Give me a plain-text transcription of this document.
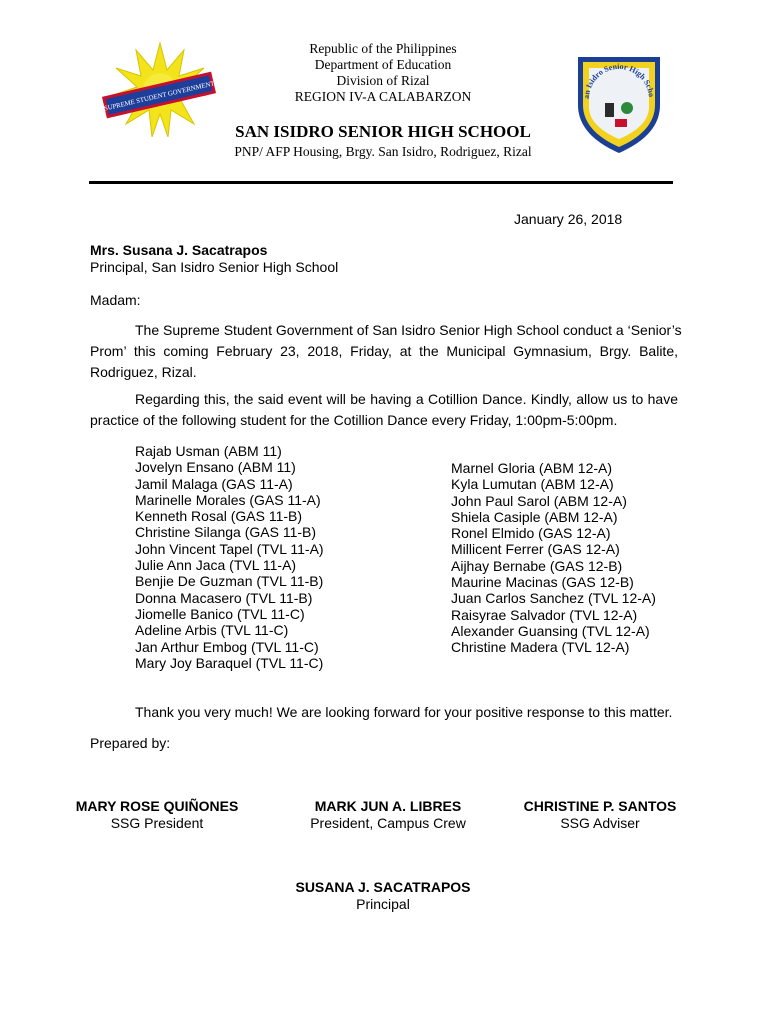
SUPREME STUDENT GOVERNMENT	an Isidro Senior High Scho
Republic of the Philippines
Department of Education
Division of Rizal
REGION IV-A CALABARZON
SAN ISIDRO SENIOR HIGH SCHOOL
PNP/ AFP Housing, Brgy. San Isidro, Rodriguez, Rizal
January 26, 2018
Mrs. Susana J. Sacatrapos
Principal, San Isidro Senior High School
Madam:
The Supreme Student Government of San Isidro Senior High School conduct a ‘Senior’s
Prom’ this coming February 23, 2018, Friday, at the Municipal Gymnasium, Brgy. Balite,
Rodriguez, Rizal.
Regarding this, the said event will be having a Cotillion Dance. Kindly, allow us to have
practice of the following student for the Cotillion Dance every Friday, 1:00pm-5:00pm.
Rajab Usman (ABM 11)
Jovelyn Ensano (ABM 11)
Jamil Malaga (GAS 11-A)
Marinelle Morales (GAS 11-A)
Kenneth Rosal (GAS 11-B)
Christine Silanga (GAS 11-B)
John Vincent Tapel (TVL 11-A)
Julie Ann Jaca (TVL 11-A)
Benjie De Guzman (TVL 11-B)
Donna Macasero (TVL 11-B)
Jiomelle Banico (TVL 11-C)
Adeline Arbis (TVL 11-C)
Jan Arthur Embog (TVL 11-C)
Mary Joy Baraquel (TVL 11-C)
Marnel Gloria (ABM 12-A)
Kyla Lumutan (ABM 12-A)
John Paul Sarol (ABM 12-A)
Shiela Casiple (ABM 12-A)
Ronel Elmido (GAS 12-A)
Millicent Ferrer (GAS 12-A)
Aijhay Bernabe (GAS 12-B)
Maurine Macinas (GAS 12-B)
Juan Carlos Sanchez (TVL 12-A)
Raisyrae Salvador (TVL 12-A)
Alexander Guansing (TVL 12-A)
Christine Madera (TVL 12-A)
Thank you very much! We are looking forward for your positive response to this matter.
Prepared by:
MARY ROSE QUIÑONES
SSG President
MARK JUN A. LIBRES
President, Campus Crew
CHRISTINE P. SANTOS
SSG Adviser
SUSANA J. SACATRAPOS
Principal
